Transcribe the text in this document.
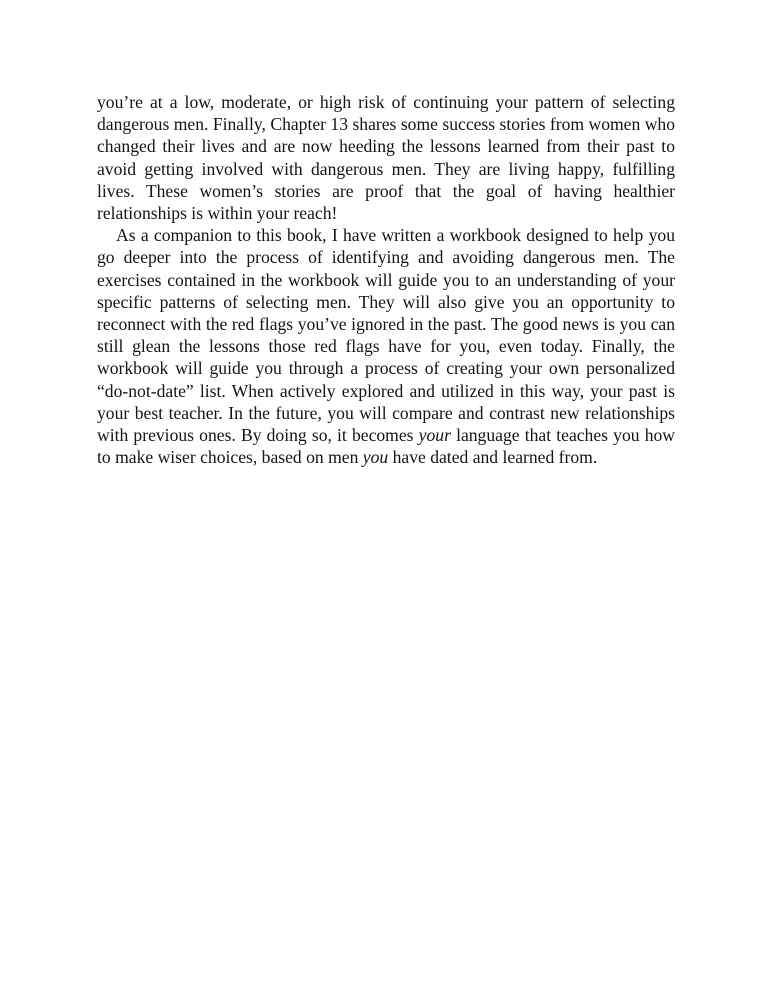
you’re at a low, moderate, or high risk of continuing your pattern of selecting dangerous men. Finally, Chapter 13 shares some success stories from women who changed their lives and are now heeding the lessons learned from their past to avoid getting involved with dangerous men. They are living happy, fulfilling lives. These women’s stories are proof that the goal of having healthier relationships is within your reach!

As a companion to this book, I have written a workbook designed to help you go deeper into the process of identifying and avoiding dangerous men. The exercises contained in the workbook will guide you to an understanding of your specific patterns of selecting men. They will also give you an opportunity to reconnect with the red flags you’ve ignored in the past. The good news is you can still glean the lessons those red flags have for you, even today. Finally, the workbook will guide you through a process of creating your own personalized “do-not-date” list. When actively explored and utilized in this way, your past is your best teacher. In the future, you will compare and contrast new relationships with previous ones. By doing so, it becomes your language that teaches you how to make wiser choices, based on men you have dated and learned from.
